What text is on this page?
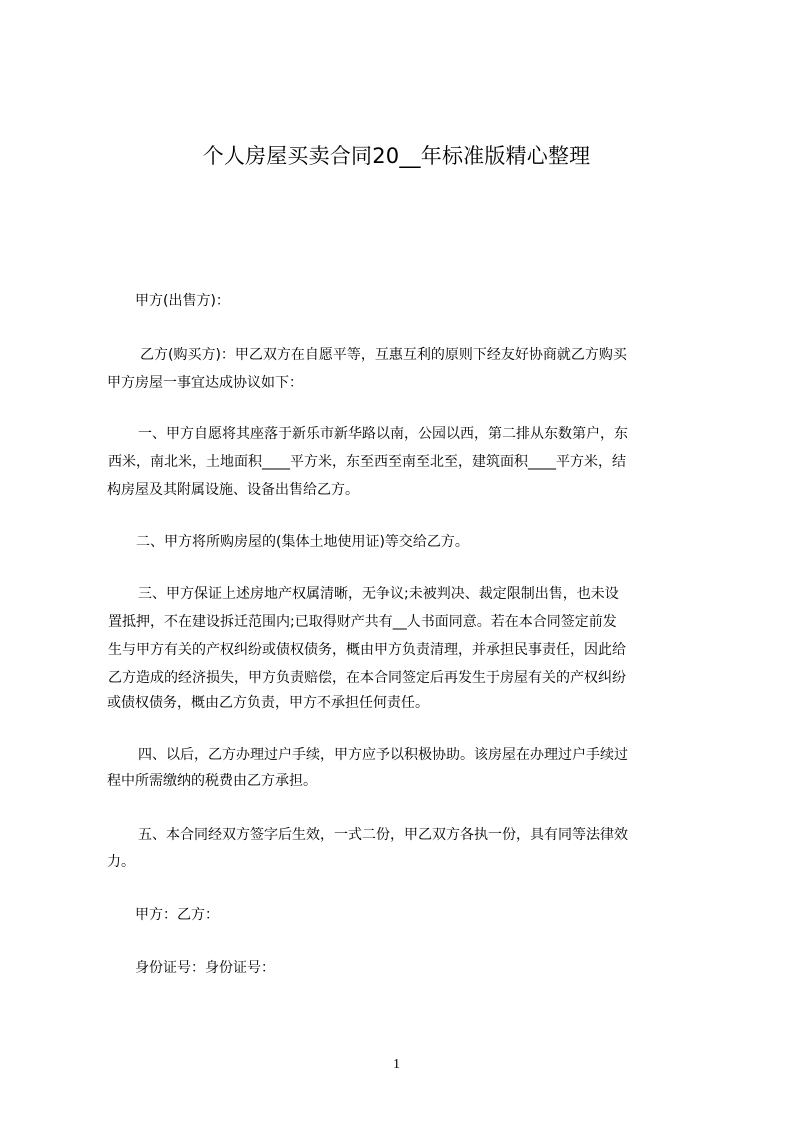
个人房屋买卖合同20__年标准版精心整理
甲方(出售方)：
乙方(购买方)：甲乙双方在自愿平等，互惠互利的原则下经友好协商就乙方购买
甲方房屋一事宜达成协议如下：
一、甲方自愿将其座落于新乐市新华路以南，公园以西，第二排从东数第户，东
西米，南北米，土地面积____平方米，东至西至南至北至，建筑面积____平方米，结
构房屋及其附属设施、设备出售给乙方。
二、甲方将所购房屋的(集体土地使用证)等交给乙方。
三、甲方保证上述房地产权属清晰，无争议;未被判决、裁定限制出售，也未设
置抵押，不在建设拆迁范围内;已取得财产共有__人书面同意。若在本合同签定前发
生与甲方有关的产权纠纷或债权债务，概由甲方负责清理，并承担民事责任，因此给
乙方造成的经济损失，甲方负责赔偿，在本合同签定后再发生于房屋有关的产权纠纷
或债权债务，概由乙方负责，甲方不承担任何责任。
四、以后，乙方办理过户手续，甲方应予以积极协助。该房屋在办理过户手续过
程中所需缴纳的税费由乙方承担。
五、本合同经双方签字后生效，一式二份，甲乙双方各执一份，具有同等法律效
力。
甲方：乙方：
身份证号：身份证号：
1
